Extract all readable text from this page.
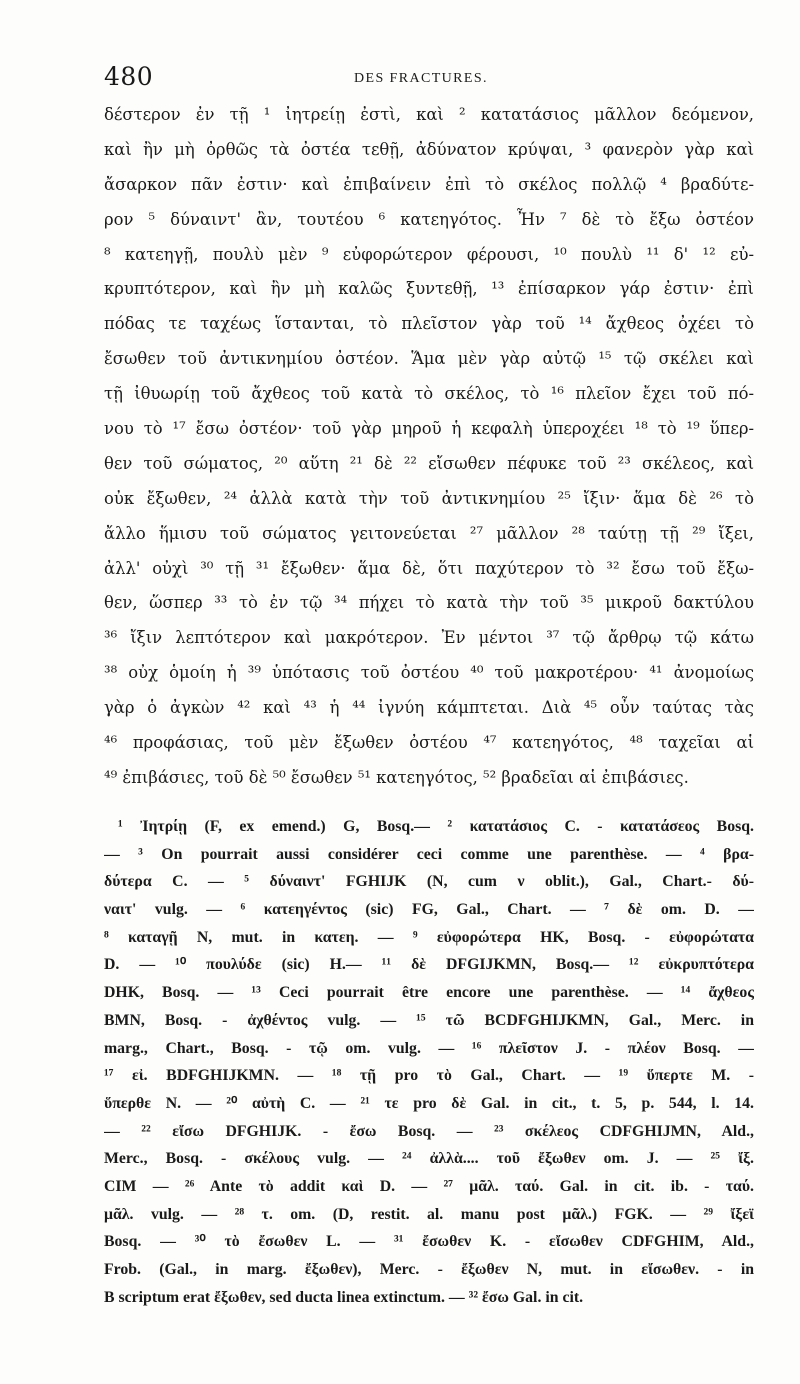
480	DES FRACTURES.
δέστερον ἐν τῇ ¹ ἰητρείῃ ἐστὶ, καὶ ² κατατάσιος μᾶλλον δεόμενον,
καὶ ἢν μὴ ὀρθῶς τὰ ὀστέα τεθῇ, ἀδύνατον κρύψαι, ³ φανερὸν γὰρ καὶ
ἄσαρκον πᾶν ἐστιν· καὶ ἐπιβαίνειν ἐπὶ τὸ σκέλος πολλῷ ⁴ βραδύτε-
ρον ⁵ δύναιντ' ἂν, τουτέου ⁶ κατεηγότος. Ἦν ⁷ δὲ τὸ ἔξω ὀστέον
⁸ κατεηγῇ, πουλὺ μὲν ⁹ εὐφορώτερον φέρουσι, ¹⁰ πουλὺ ¹¹ δ' ¹² εὐ-
κρυπτότερον, καὶ ἢν μὴ καλῶς ξυντεθῇ, ¹³ ἐπίσαρκον γάρ ἐστιν· ἐπὶ
πόδας τε ταχέως ἵστανται, τὸ πλεῖστον γὰρ τοῦ ¹⁴ ἄχθεος ὀχέει τὸ
ἔσωθεν τοῦ ἀντικνημίου ὀστέον. Ἅμα μὲν γὰρ αὐτῷ ¹⁵ τῷ σκέλει καὶ
τῇ ἰθυωρίῃ τοῦ ἄχθεος τοῦ κατὰ τὸ σκέλος, τὸ ¹⁶ πλεῖον ἔχει τοῦ πό-
νου τὸ ¹⁷ ἔσω ὀστέον· τοῦ γὰρ μηροῦ ἡ κεφαλὴ ὑπεροχέει ¹⁸ τὸ ¹⁹ ὕπερ-
θεν τοῦ σώματος, ²⁰ αὕτη ²¹ δὲ ²² εἴσωθεν πέφυκε τοῦ ²³ σκέλεος, καὶ
οὐκ ἔξωθεν, ²⁴ ἀλλὰ κατὰ τὴν τοῦ ἀντικνημίου ²⁵ ἴξιν· ἅμα δὲ ²⁶ τὸ
ἄλλο ἥμισυ τοῦ σώματος γειτονεύεται ²⁷ μᾶλλον ²⁸ ταύτῃ τῇ ²⁹ ἴξει,
ἀλλ' οὐχὶ ³⁰ τῇ ³¹ ἔξωθεν· ἅμα δὲ, ὅτι παχύτερον τὸ ³² ἔσω τοῦ ἔξω-
θεν, ὥσπερ ³³ τὸ ἐν τῷ ³⁴ πήχει τὸ κατὰ τὴν τοῦ ³⁵ μικροῦ δακτύλου
³⁶ ἴξιν λεπτότερον καὶ μακρότερον. Ἐν μέντοι ³⁷ τῷ ἄρθρῳ τῷ κάτω
³⁸ οὐχ ὁμοίη ἡ ³⁹ ὑπότασις τοῦ ὀστέου ⁴⁰ τοῦ μακροτέρου· ⁴¹ ἀνομοίως
γὰρ ὁ ἀγκὼν ⁴² καὶ ⁴³ ἡ ⁴⁴ ἰγνύη κάμπτεται. Διὰ ⁴⁵ οὖν ταύτας τὰς
⁴⁶ προφάσιας, τοῦ μὲν ἔξωθεν ὀστέου ⁴⁷ κατεηγότος, ⁴⁸ ταχεῖαι αἱ
⁴⁹ ἐπιβάσιες, τοῦ δὲ ⁵⁰ ἔσωθεν ⁵¹ κατεηγότος, ⁵² βραδεῖαι αἱ ἐπιβάσιες.
¹ Ἰητρίῃ (F, ex emend.) G, Bosq.— ² κατατάσιος C. - κατατάσεος Bosq.
— ³ On pourrait aussi considérer ceci comme une parenthèse. — ⁴ βρα-
δύτερα C. — ⁵ δύναιντ' FGHIJK (N, cum ν oblit.), Gal., Chart.- δύ-
ναιτ' vulg. — ⁶ κατεηγέντος (sic) FG, Gal., Chart. — ⁷ δὲ om. D. —
⁸ καταγῇ N, mut. in κατεη. — ⁹ εὐφορώτερα HK, Bosq. - εὐφορώτατα
D. — ¹⁰ πουλύδε (sic) H.— ¹¹ δὲ DFGIJKMN, Bosq.— ¹² εὐκρυπτότερα
DHK, Bosq. — ¹³ Ceci pourrait être encore une parenthèse. — ¹⁴ ἄχθεος
BMN, Bosq. - ἀχθέντος vulg. — ¹⁵ τῶ BCDFGHIJKMN, Gal., Merc. in
marg., Chart., Bosq. - τῷ om. vulg. — ¹⁶ πλεῖστον J. - πλέον Bosq. —
¹⁷ εἰ. BDFGHIJKMN. — ¹⁸ τῇ pro τὸ Gal., Chart. — ¹⁹ ὕπερτε M. -
ὕπερθε N. — ²⁰ αὐτὴ C. — ²¹ τε pro δὲ Gal. in cit., t. 5, p. 544, l. 14.
— ²² εἴσω DFGHIJK. - ἔσω Bosq. — ²³ σκέλεος CDFGHIJMN, Ald.,
Merc., Bosq. - σκέλους vulg. — ²⁴ ἀλλὰ.... τοῦ ἔξωθεν om. J. — ²⁵ ἴξ.
CIM — ²⁶ Ante τὸ addit καὶ D. — ²⁷ μᾶλ. ταύ. Gal. in cit. ib. - ταύ.
μᾶλ. vulg. — ²⁸ τ. om. (D, restit. al. manu post μᾶλ.) FGK. — ²⁹ ἴξεϊ
Bosq. — ³⁰ τὸ ἔσωθεν L. — ³¹ ἔσωθεν K. - εἴσωθεν CDFGHIM, Ald.,
Frob. (Gal., in marg. ἔξωθεν), Merc. - ἔξωθεν N, mut. in εἴσωθεν. - in
B scriptum erat ἔξωθεν, sed ducta linea extinctum. — ³² ἔσω Gal. in cit.
